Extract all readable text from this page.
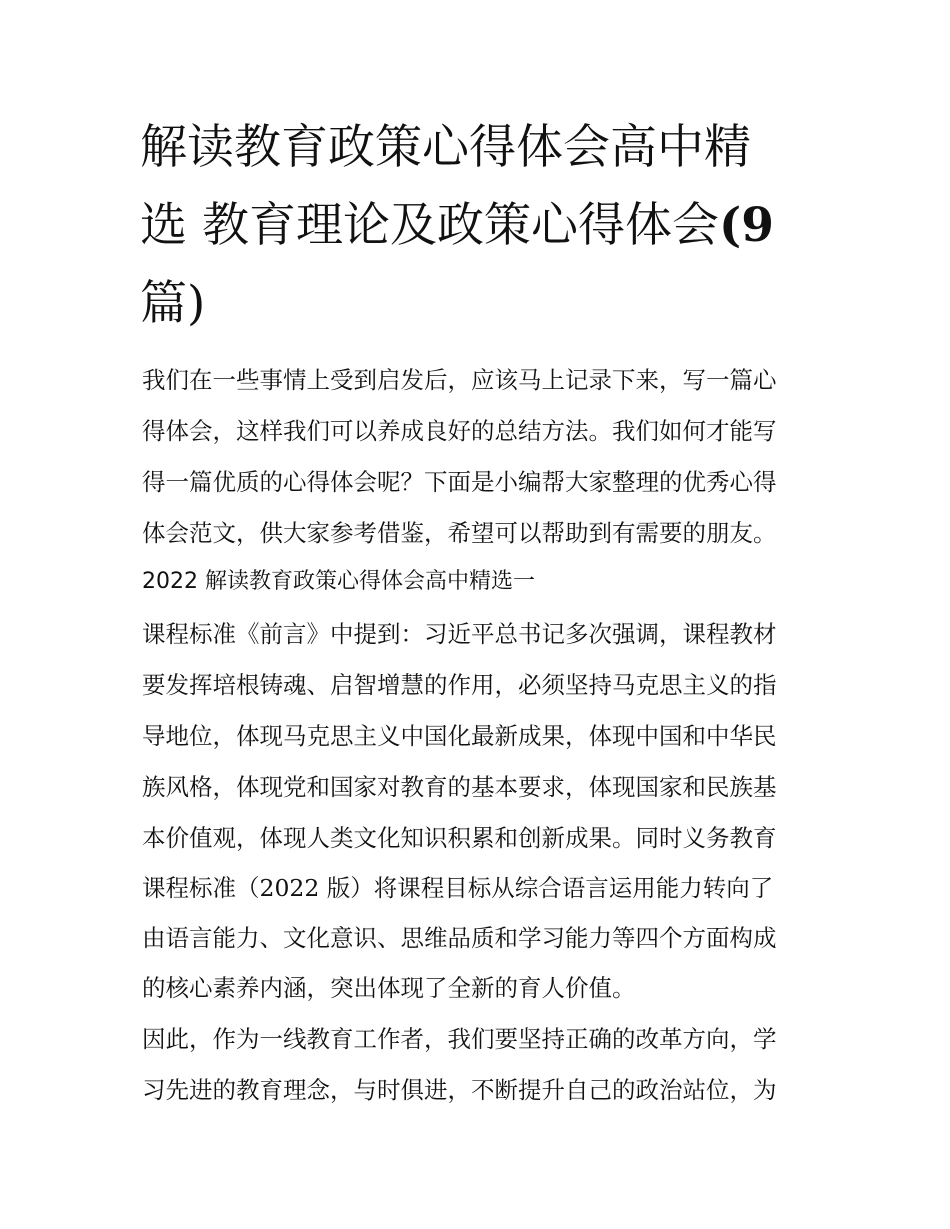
解读教育政策心得体会高中精
选 教育理论及政策心得体会(9
篇)

我们在一些事情上受到启发后，应该马上记录下来，写一篇心

得体会，这样我们可以养成良好的总结方法。我们如何才能写

得一篇优质的心得体会呢？下面是小编帮大家整理的优秀心得

体会范文，供大家参考借鉴，希望可以帮助到有需要的朋友。

2022 解读教育政策心得体会高中精选一

课程标准《前言》中提到：习近平总书记多次强调，课程教材

要发挥培根铸魂、启智增慧的作用，必须坚持马克思主义的指

导地位，体现马克思主义中国化最新成果，体现中国和中华民

族风格，体现党和国家对教育的基本要求，体现国家和民族基

本价值观，体现人类文化知识积累和创新成果。同时义务教育

课程标准（2022 版）将课程目标从综合语言运用能力转向了

由语言能力、文化意识、思维品质和学习能力等四个方面构成

的核心素养内涵，突出体现了全新的育人价值。

因此，作为一线教育工作者，我们要坚持正确的改革方向，学

习先进的教育理念，与时俱进，不断提升自己的政治站位，为
